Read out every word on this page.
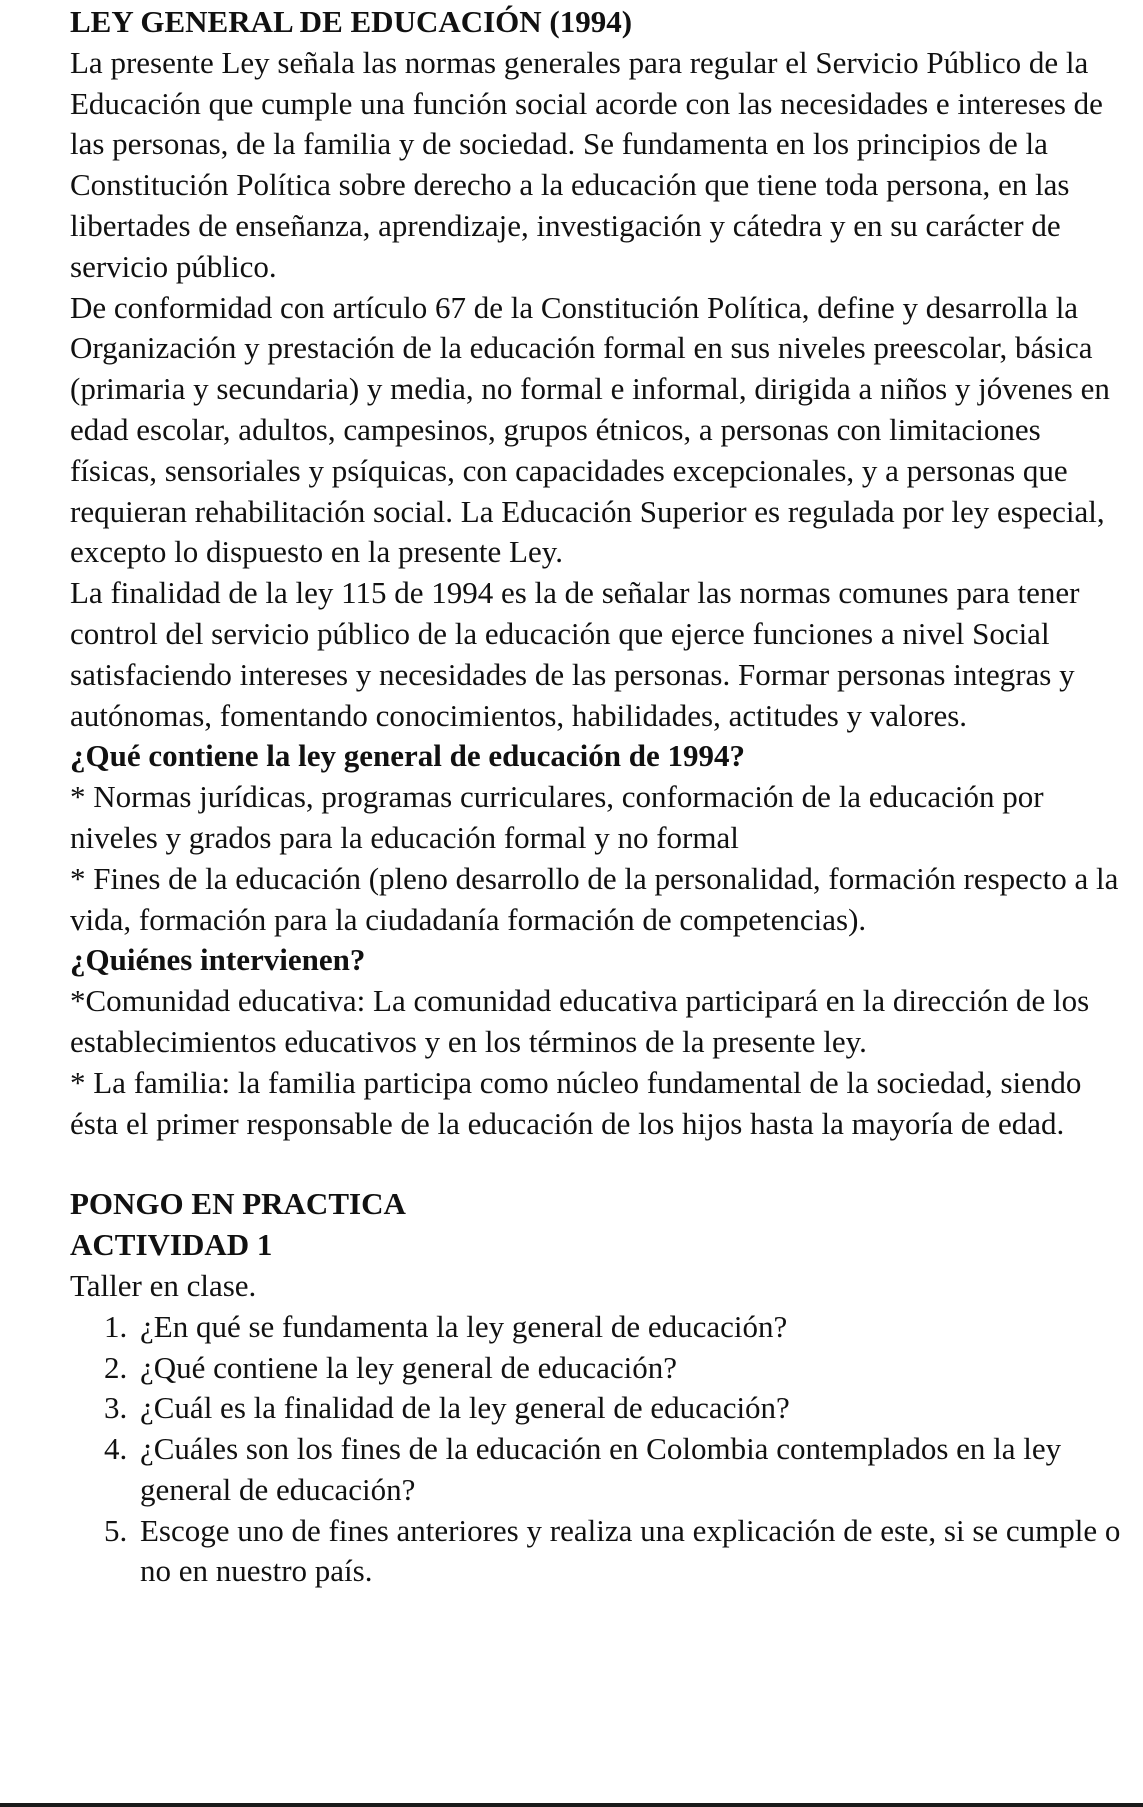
LEY GENERAL DE EDUCACIÓN (1994)

La presente Ley señala las normas generales para regular el Servicio Público de la Educación que cumple una función social acorde con las necesidades e intereses de las personas, de la familia y de sociedad. Se fundamenta en los principios de la Constitución Política sobre derecho a la educación que tiene toda persona, en las libertades de enseñanza, aprendizaje, investigación y cátedra y en su carácter de servicio público.

De conformidad con artículo 67 de la Constitución Política, define y desarrolla la Organización y prestación de la educación formal en sus niveles preescolar, básica (primaria y secundaria) y media, no formal e informal, dirigida a niños y jóvenes en edad escolar, adultos, campesinos, grupos étnicos, a personas con limitaciones físicas, sensoriales y psíquicas, con capacidades excepcionales, y a personas que requieran rehabilitación social. La Educación Superior es regulada por ley especial, excepto lo dispuesto en la presente Ley.

La finalidad de la ley 115 de 1994 es la de señalar las normas comunes para tener control del servicio público de la educación que ejerce funciones a nivel Social satisfaciendo intereses y necesidades de las personas. Formar personas integras y autónomas, fomentando conocimientos, habilidades, actitudes y valores.

¿Qué contiene la ley general de educación de 1994?

* Normas jurídicas, programas curriculares, conformación de la educación por niveles y grados para la educación formal y no formal

* Fines de la educación (pleno desarrollo de la personalidad, formación respecto a la vida, formación para la ciudadanía formación de competencias).

¿Quiénes intervienen?

*Comunidad educativa: La comunidad educativa participará en la dirección de los establecimientos educativos y en los términos de la presente ley.

* La familia: la familia participa como núcleo fundamental de la sociedad, siendo ésta el primer responsable de la educación de los hijos hasta la mayoría de edad.

PONGO EN PRACTICA
ACTIVIDAD 1

Taller en clase.

1. ¿En qué se fundamenta la ley general de educación?
2. ¿Qué contiene la ley general de educación?
3. ¿Cuál es la finalidad de la ley general de educación?
4. ¿Cuáles son los fines de la educación en Colombia contemplados en la ley general de educación?
5. Escoge uno de fines anteriores y realiza una explicación de este, si se cumple o no en nuestro país.
